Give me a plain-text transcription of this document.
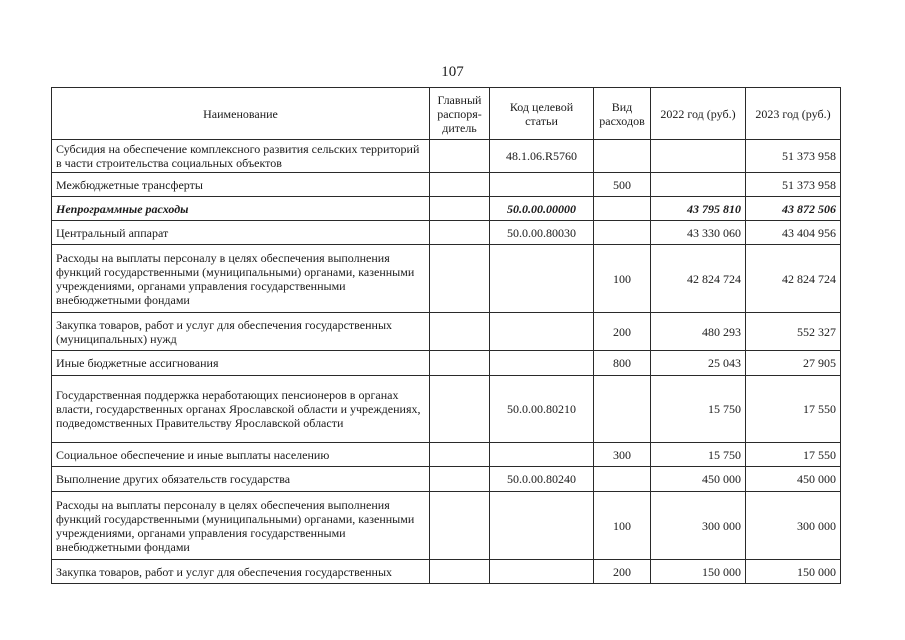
107
Наименование	Главный распоря-дитель	Код целевой статьи	Вид расходов	2022 год (руб.)	2023 год (руб.)
Субсидия на обеспечение комплексного развития сельских территорий в части строительства социальных объектов		48.1.06.R5760			51 373 958
Межбюджетные трансферты			500		51 373 958
Непрограммные расходы		50.0.00.00000		43 795 810	43 872 506
Центральный аппарат		50.0.00.80030		43 330 060	43 404 956
Расходы на выплаты персоналу в целях обеспечения выполнения функций государственными (муниципальными) органами, казенными учреждениями, органами управления государственными внебюджетными фондами			100	42 824 724	42 824 724
Закупка товаров, работ и услуг для обеспечения государственных (муниципальных) нужд			200	480 293	552 327
Иные бюджетные ассигнования			800	25 043	27 905
Государственная поддержка неработающих пенсионеров в органах власти, государственных органах Ярославской области и учреждениях, подведомственных Правительству Ярославской области		50.0.00.80210		15 750	17 550
Социальное обеспечение и иные выплаты населению			300	15 750	17 550
Выполнение других обязательств государства		50.0.00.80240		450 000	450 000
Расходы на выплаты персоналу в целях обеспечения выполнения функций государственными (муниципальными) органами, казенными учреждениями, органами управления государственными внебюджетными фондами			100	300 000	300 000
Закупка товаров, работ и услуг для обеспечения государственных			200	150 000	150 000
